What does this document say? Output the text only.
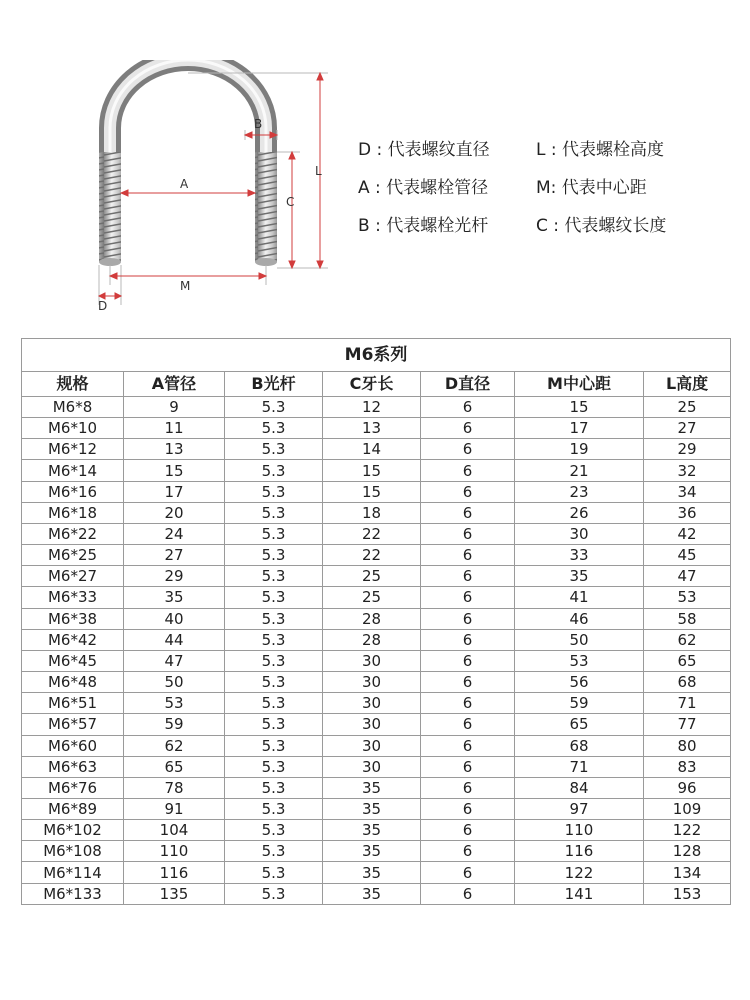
B
A
C
L
M
D
D : 代表螺纹直径	L : 代表螺栓高度
A : 代表螺栓管径	M: 代表中心距
B : 代表螺栓光杆	C : 代表螺纹长度
M6系列						
规格	A管径	B光杆	C牙长	D直径	M中心距	L高度
M6*8	9	5.3	12	6	15	25
M6*10	11	5.3	13	6	17	27
M6*12	13	5.3	14	6	19	29
M6*14	15	5.3	15	6	21	32
M6*16	17	5.3	15	6	23	34
M6*18	20	5.3	18	6	26	36
M6*22	24	5.3	22	6	30	42
M6*25	27	5.3	22	6	33	45
M6*27	29	5.3	25	6	35	47
M6*33	35	5.3	25	6	41	53
M6*38	40	5.3	28	6	46	58
M6*42	44	5.3	28	6	50	62
M6*45	47	5.3	30	6	53	65
M6*48	50	5.3	30	6	56	68
M6*51	53	5.3	30	6	59	71
M6*57	59	5.3	30	6	65	77
M6*60	62	5.3	30	6	68	80
M6*63	65	5.3	30	6	71	83
M6*76	78	5.3	35	6	84	96
M6*89	91	5.3	35	6	97	109
M6*102	104	5.3	35	6	110	122
M6*108	110	5.3	35	6	116	128
M6*114	116	5.3	35	6	122	134
M6*133	135	5.3	35	6	141	153
